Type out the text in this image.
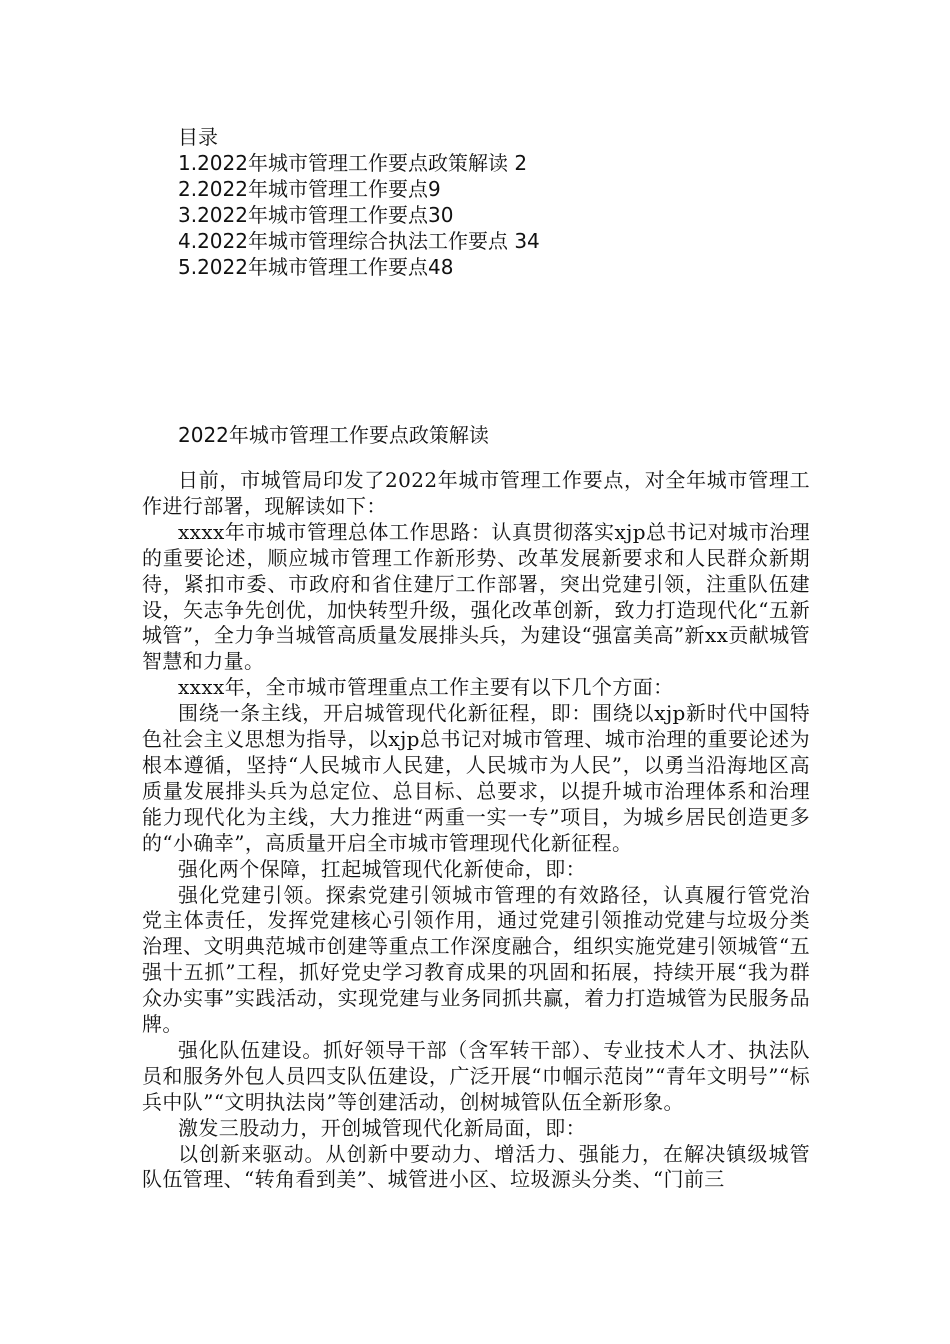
目录
1.2022年城市管理工作要点政策解读 2
2.2022年城市管理工作要点9
3.2022年城市管理工作要点30
4.2022年城市管理综合执法工作要点 34
5.2022年城市管理工作要点48
2022年城市管理工作要点政策解读

日前，市城管局印发了2022年城市管理工作要点，对全年城市管理工作进行部署，现解读如下：

xxxx年市城市管理总体工作思路：认真贯彻落实xjp总书记对城市治理的重要论述，顺应城市管理工作新形势、改革发展新要求和人民群众新期待，紧扣市委、市政府和省住建厅工作部署，突出党建引领，注重队伍建设，矢志争先创优，加快转型升级，强化改革创新，致力打造现代化“五新城管”，全力争当城管高质量发展排头兵，为建设“强富美高”新xx贡献城管智慧和力量。

xxxx年，全市城市管理重点工作主要有以下几个方面：

围绕一条主线，开启城管现代化新征程，即：围绕以xjp新时代中国特色社会主义思想为指导，以xjp总书记对城市管理、城市治理的重要论述为根本遵循，坚持“人民城市人民建，人民城市为人民”，以勇当沿海地区高质量发展排头兵为总定位、总目标、总要求，以提升城市治理体系和治理能力现代化为主线，大力推进“两重一实一专”项目，为城乡居民创造更多的“小确幸”，高质量开启全市城市管理现代化新征程。

强化两个保障，扛起城管现代化新使命，即：

强化党建引领。探索党建引领城市管理的有效路径，认真履行管党治党主体责任，发挥党建核心引领作用，通过党建引领推动党建与垃圾分类治理、文明典范城市创建等重点工作深度融合，组织实施党建引领城管“五强十五抓”工程，抓好党史学习教育成果的巩固和拓展，持续开展“我为群众办实事”实践活动，实现党建与业务同抓共赢，着力打造城管为民服务品牌。

强化队伍建设。抓好领导干部（含军转干部）、专业技术人才、执法队员和服务外包人员四支队伍建设，广泛开展“巾帼示范岗”“青年文明号”“标兵中队”“文明执法岗”等创建活动，创树城管队伍全新形象。

激发三股动力，开创城管现代化新局面，即：

以创新来驱动。从创新中要动力、增活力、强能力，在解决镇级城管队伍管理、“转角看到美”、城管进小区、垃圾源头分类、“门前三
